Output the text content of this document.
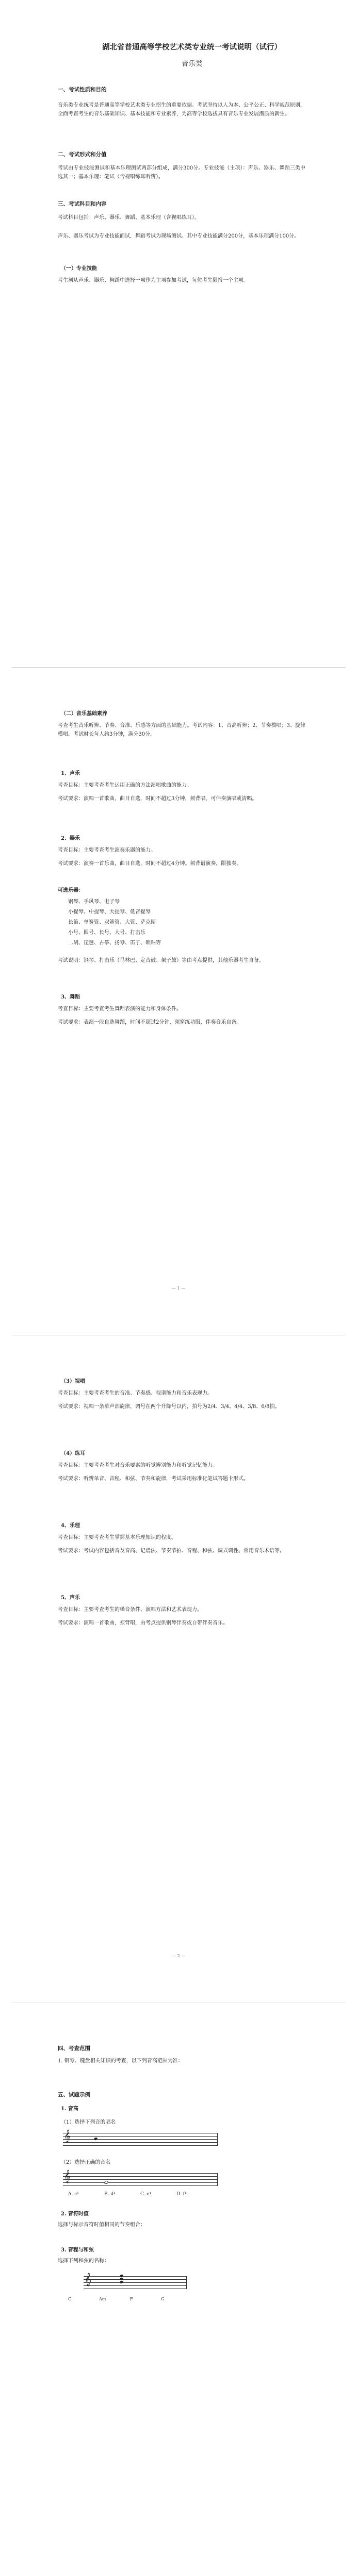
湖北省普通高等学校艺术类专业统一考试说明（试行）

音乐类

一、考试性质和目的

音乐类专业统考是普通高等学校艺术类专业招生的重要依据。考试坚持以人为本、公平公正、科学规范原则，全面考查考生的音乐基础知识、基本技能和专业素养，为高等学校选拔具有音乐专业发展潜质的新生。

二、考试形式和分值

考试由专业技能测试和基本乐理测试两部分组成，满分300分。专业技能（主项）：声乐、器乐、舞蹈三类中选其一；基本乐理：笔试（含视唱练耳听辨）。

三、考试科目和内容

考试科目包括：声乐、器乐、舞蹈、基本乐理（含视唱练耳）。

声乐、器乐考试为专业技能面试，舞蹈考试为现场测试。其中专业技能满分200分，基本乐理满分100分。

（一）专业技能

考生须从声乐、器乐、舞蹈中选择一项作为主项参加考试，每位考生限报一个主项。

（二）音乐基础素养

考查考生音乐听辨、节奏、音准、乐感等方面的基础能力。考试内容：1、音高听辨；2、节奏模唱；3、旋律模唱。考试时长每人约3分钟，满分30分。

1、声乐

考查目标：主要考查考生运用正确的方法演唱歌曲的能力。

考试要求：演唱一首歌曲，曲目自选，时间不超过3分钟，须背唱，可伴奏演唱或清唱。

2、器乐

考查目标：主要考查考生演奏乐器的能力。

考试要求：演奏一首乐曲，曲目自选，时间不超过4分钟。须背谱演奏，限独奏。

可选乐器：

钢琴、手风琴、电子琴

小提琴、中提琴、大提琴、低音提琴

长笛、单簧管、双簧管、大管、萨克斯

小号、圆号、长号、大号、打击乐

二胡、琵琶、古筝、扬琴、笛子、唢呐等

考试说明：钢琴、打击乐（马林巴、定音鼓、架子鼓）等由考点提供，其他乐器考生自备。

3、舞蹈

考查目标：主要考查考生舞蹈表演的能力和身体条件。

考试要求：表演一段自选舞蹈，时间不超过2分钟，须穿练功服，伴奏音乐自备。

— 1 —

（3）视唱

考查目标：主要考查考生的音准、节奏感、视谱能力和音乐表现力。

考试要求：视唱一条单声部旋律，调号在两个升降号以内，拍号为2/4、3/4、4/4、3/8、6/8拍。

（4）练耳

考查目标：主要考查考生对音乐要素的听觉辨别能力和听觉记忆能力。

考试要求：听辨单音、音程、和弦、节奏和旋律，考试采用标准化笔试答题卡形式。

4、乐理

考查目标：主要考查考生掌握基本乐理知识的程度。

考试要求：考试内容包括音及音高、记谱法、节奏节拍、音程、和弦、调式调性、常用音乐术语等。

5、声乐

考查目标：主要考查考生的嗓音条件、演唱方法和艺术表现力。

考试要求：演唱一首歌曲，须背唱，由考点提供钢琴伴奏或自带伴奏音乐。

— 2 —

四、考查范围

1. 钢琴、键盘相关知识的考查，以下列音高范围为准：

五、试题示例

1. 音高

（1）选择下列音的唱名

𝄞

（2）选择正确的音名

𝄞
A. c¹	B. d¹	C. e¹	D. f¹

2. 音符时值

选择与标示音符时值相同的节奏组合：

3. 音程与和弦

选择下列和弦的名称：

𝄞
C	Am	F	G
